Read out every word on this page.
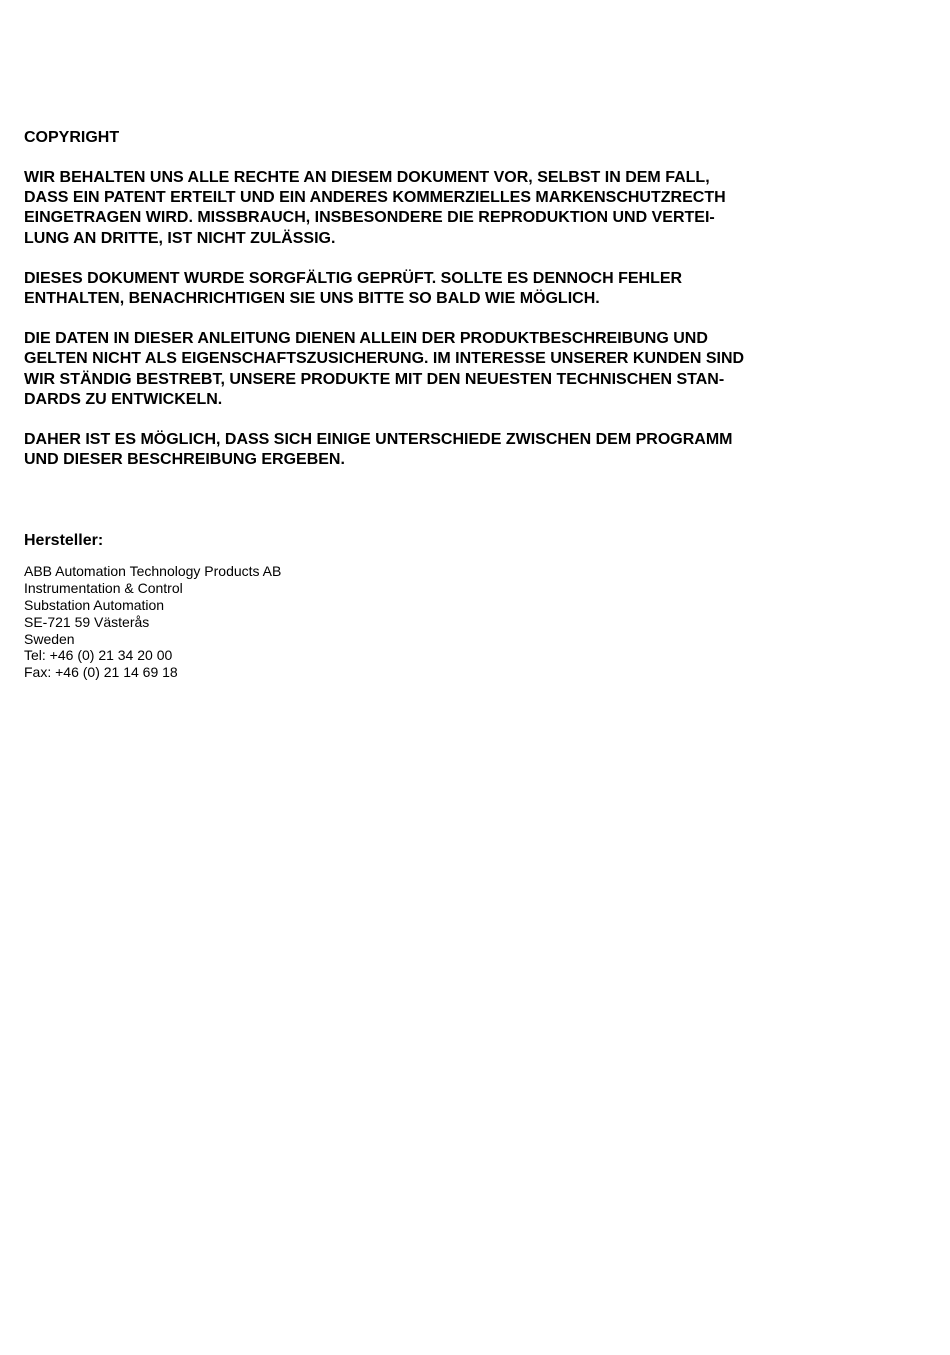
COPYRIGHT

WIR BEHALTEN UNS ALLE RECHTE AN DIESEM DOKUMENT VOR, SELBST IN DEM FALL,
DASS EIN PATENT ERTEILT UND EIN ANDERES KOMMERZIELLES MARKENSCHUTZRECTH
EINGETRAGEN WIRD. MISSBRAUCH, INSBESONDERE DIE REPRODUKTION UND VERTEI-
LUNG AN DRITTE, IST NICHT ZULÄSSIG.

DIESES DOKUMENT WURDE SORGFÄLTIG GEPRÜFT. SOLLTE ES DENNOCH FEHLER
ENTHALTEN, BENACHRICHTIGEN SIE UNS BITTE SO BALD WIE MÖGLICH.

DIE DATEN IN DIESER ANLEITUNG DIENEN ALLEIN DER PRODUKTBESCHREIBUNG UND
GELTEN NICHT ALS EIGENSCHAFTSZUSICHERUNG. IM INTERESSE UNSERER KUNDEN SIND
WIR STÄNDIG BESTREBT, UNSERE PRODUKTE MIT DEN NEUESTEN TECHNISCHEN STAN-
DARDS ZU ENTWICKELN.

DAHER IST ES MÖGLICH, DASS SICH EINIGE UNTERSCHIEDE ZWISCHEN DEM PROGRAMM
UND DIESER BESCHREIBUNG ERGEBEN.

Hersteller:
ABB Automation Technology Products AB
Instrumentation & Control
Substation Automation
SE-721 59 Västerås
Sweden
Tel: +46 (0) 21 34 20 00
Fax: +46 (0) 21 14 69 18
